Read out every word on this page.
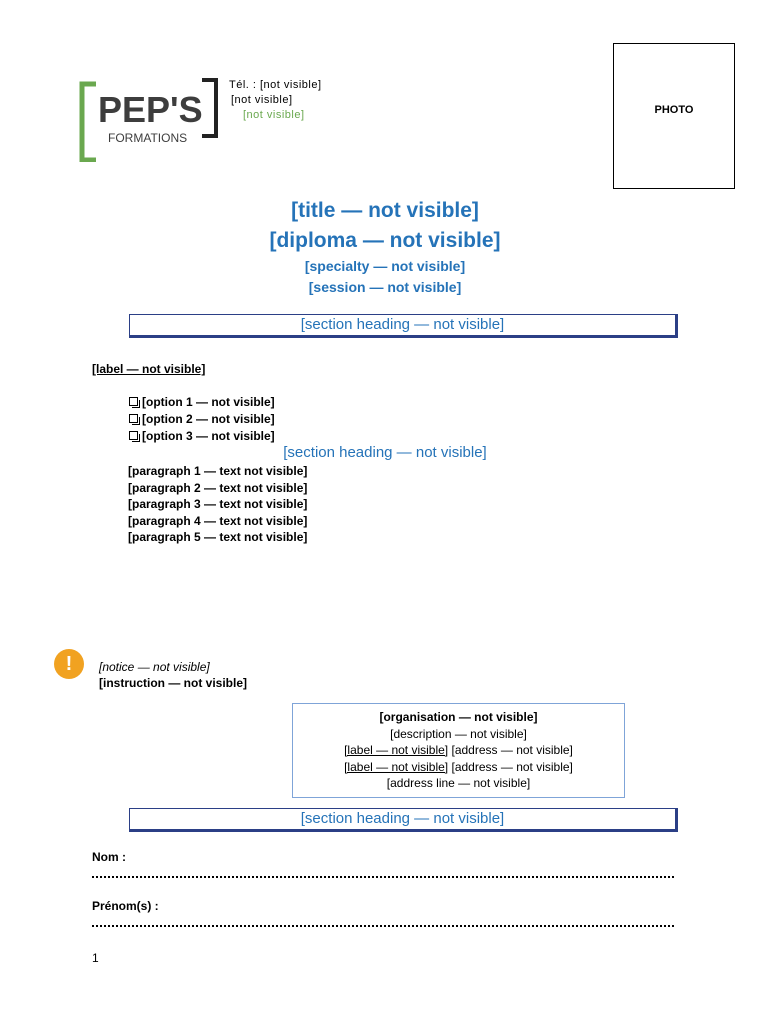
PEP'S
FORMATIONS
Tél. : [not visible]
[not visible]
[not visible]	PHOTO
[title — not visible]
[diploma — not visible]
[specialty — not visible]
[session — not visible]
[section heading — not visible]
[label — not visible]
[option 1 — not visible]
[option 2 — not visible]
[option 3 — not visible]
[section heading — not visible]

[paragraph 1 — text not visible]

[paragraph 2 — text not visible]

[paragraph 3 — text not visible]

[paragraph 4 — text not visible]

[paragraph 5 — text not visible]

!	[notice — not visible]
[instruction — not visible]
[organisation — not visible]
[description — not visible]
[label — not visible] [address — not visible]
[label — not visible] [address — not visible]
[address line — not visible]
[section heading — not visible]
Nom :
Prénom(s) :
1
